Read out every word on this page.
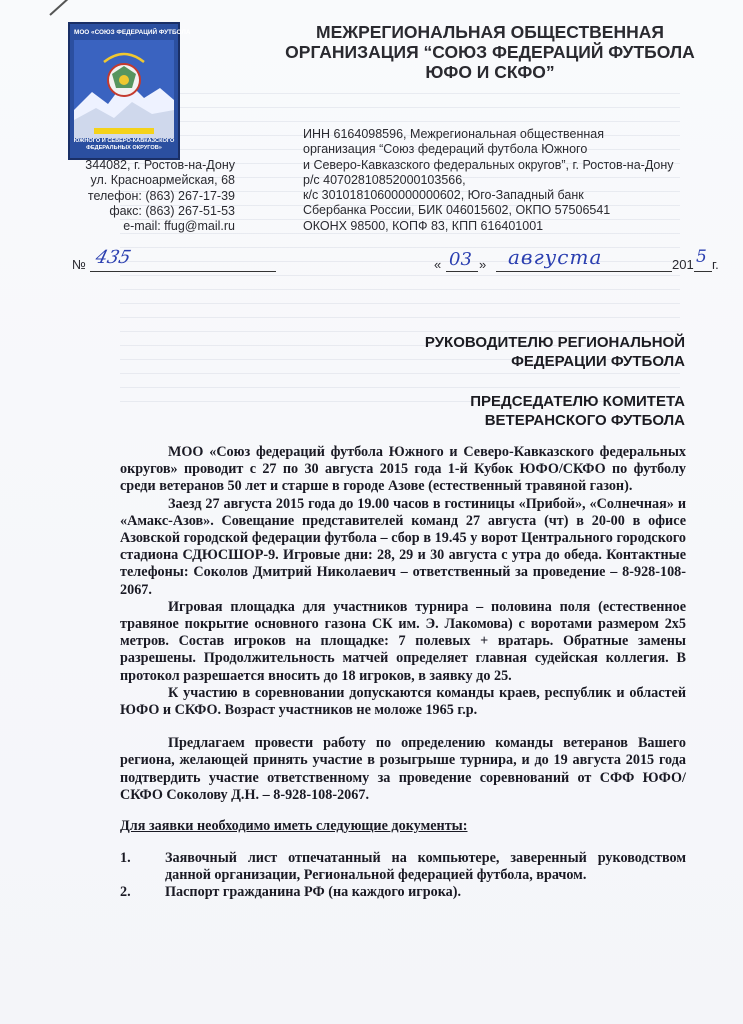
МОО «СОЮЗ ФЕДЕРАЦИЙ ФУТБОЛА
ЮЖНОГО И СЕВЕРО-КАВКАЗСКОГО
ФЕДЕРАЛЬНЫХ ОКРУГОВ»
МЕЖРЕГИОНАЛЬНАЯ ОБЩЕСТВЕННАЯ
ОРГАНИЗАЦИЯ “СОЮЗ ФЕДЕРАЦИЙ ФУТБОЛА
ЮФО И СКФО”
344082, г. Ростов-на-Дону
ул. Красноармейская, 68
телефон: (863) 267-17-39
факс: (863) 267-51-53
e-mail: ffug@mail.ru
ИНН 6164098596, Межрегиональная общественная
организация “Союз федераций футбола Южного
и Северо-Кавказского федеральных округов”, г. Ростов-на-Дону
р/с 40702810852000103566,
к/с 30101810600000000602, Юго-Западный банк
Сбербанка России, БИК 046015602, ОКПО 57506541
ОКОНХ 98500, КОПФ 83, КПП 616401001
№ 435	« 03 » августа	201 5 г.
РУКОВОДИТЕЛЮ РЕГИОНАЛЬНОЙ
ФЕДЕРАЦИИ ФУТБОЛА
ПРЕДСЕДАТЕЛЮ КОМИТЕТА
ВЕТЕРАНСКОГО ФУТБОЛА

МОО «Союз федераций футбола Южного и Северо-Кавказского федеральных округов» проводит с 27 по 30 августа 2015 года 1-й Кубок ЮФО/СКФО по футболу среди ветеранов 50 лет и старше в городе Азове (естественный травяной газон).

Заезд 27 августа 2015 года до 19.00 часов в гостиницы «Прибой», «Солнечная» и «Амакс-Азов». Совещание представителей команд 27 августа (чт) в 20-00 в офисе Азовской городской федерации футбола – сбор в 19.45 у ворот Центрального городского стадиона СДЮСШОР-9. Игровые дни: 28, 29 и 30 августа с утра до обеда. Контактные телефоны: Соколов Дмитрий Николаевич – ответственный за проведение – 8-928-108-2067.

Игровая площадка для участников турнира – половина поля (естественное травяное покрытие основного газона СК им. Э. Лакомова) с воротами размером 2х5 метров. Состав игроков на площадке: 7 полевых + вратарь. Обратные замены разрешены. Продолжительность матчей определяет главная судейская коллегия. В протокол разрешается вносить до 18 игроков, в заявку до 25.

К участию в соревновании допускаются команды краев, республик и областей ЮФО и СКФО. Возраст участников не моложе 1965 г.р.

Предлагаем провести работу по определению команды ветеранов Вашего региона, желающей принять участие в розыгрыше турнира, и до 19 августа 2015 года подтвердить участие ответственному за проведение соревнований от СФФ ЮФО/СКФО Соколову Д.Н. – 8-928-108-2067.

Для заявки необходимо иметь следующие документы:
1. Заявочный лист отпечатанный на компьютере, заверенный руководством данной организации, Региональной федерацией футбола, врачом.
2. Паспорт гражданина РФ (на каждого игрока).
